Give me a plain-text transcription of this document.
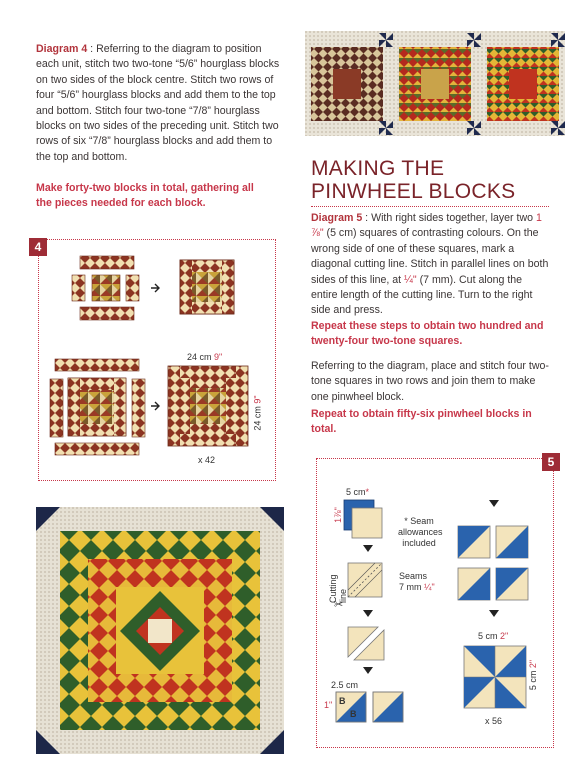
Diagram 4 : Referring to the diagram to position each unit, stitch two two-tone “5/6” hourglass blocks on two sides of the block centre. Stitch two rows of four “5/6” hourglass blocks and add them to the top and bottom. Stitch four two-tone “7/8” hourglass blocks on two sides of the preceding unit. Stitch two rows of six “7/8” hourglass blocks and add them to the top and bottom.
Make forty-two blocks in total, gathering all the pieces needed for each block.
4
24 cm 9"
24 cm 9"
x 42
MAKING THE PINWHEEL BLOCKS
Diagram 5 : With right sides together, layer two 1 ⅞" (5 cm) squares of contrasting colours. On the wrong side of one of these squares, mark a diagonal cutting line. Stitch in parallel lines on both sides of this line, at ¼" (7 mm). Cut along the entire length of the cutting line. Turn to the right side and press.
Repeat these steps to obtain two hundred and twenty-four two-tone squares.
Referring to the diagram, place and stitch four two-tone squares in two rows and join them to make one pinwheel block.
Repeat to obtain fifty-six pinwheel blocks in total.
5
✂
5 cm*
1⅞"	* Seam allowances included
Cutting line
Seams
7 mm ¼"
2.5 cm
1" B
B
5 cm 2"
5 cm 2"
x 56
